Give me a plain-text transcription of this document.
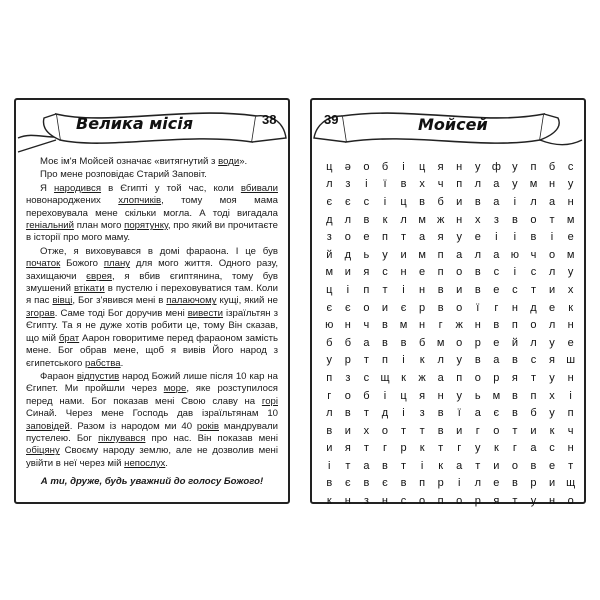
Велика місія	38

Моє ім'я Мойсей означає «витягнутий з води».

Про мене розповідає Старий Заповіт.

Я народився в Єгипті у той час, коли вбивали новонароджених хлопчиків, тому моя мама переховувала мене скільки могла. А тоді вигадала геніальний план мого порятунку, про який ви прочитаєте в історії про мого маму.

Отже, я виховувався в домі фараона. І це був початок Божого плану для мого життя. Одного разу, захищаючи єврея, я вбив єгиптянина, тому був змушений втікати в пустелю і переховуватися там. Коли я пас вівці, Бог з'явився мені в палаючому кущі, який не згорав. Саме тоді Бог доручив мені вивести ізраїльтян з Єгипту. Та я не дуже хотів робити це, тому Він сказав, що мій брат Аарон говоритиме перед фараоном замість мене. Бог обрав мене, щоб я вивів Його народ з єгипетського рабства.

Фараон відпустив народ Божий лише після 10 кар на Єгипет. Ми пройшли через море, яке розступилося перед нами. Бог показав мені Свою славу на горі Синай. Через мене Господь дав ізраїльтянам 10 заповідей. Разом із народом ми 40 років мандрували пустелею. Бог піклувався про нас. Він показав мені обіцяну Своєму народу землю, але не дозволив мені увійти в неї через мій непослух.

А ти, друже, будь уважний до голосу Божого!

39	Мойсей
ц	ә	о	б	і	ц	я	н	у	ф	у	п	б	с
л	з	і	ї	в	х	ч	п	л	а	у	м	н	у
є	є	с	і	ц	в	б	и	в	а	і	л	а	н
д	л	в	к	л	м	ж	н	х	з	в	о	т	м
з	о	е	п	т	а	я	у	е	і	і	в	і	е
й	д	ь	у	и	м	п	а	л	а	ю	ч	о	м
м	и	я	с	н	е	п	о	в	с	і	с	л	у
ц	і	п	т	і	н	в	и	в	е	с	т	и	х
є	є	о	и	є	р	в	о	ї	г	н	д	е	к
ю	н	ч	в	м	н	г	ж	н	в	п	о	л	н
б	б	а	в	в	б	м	о	р	е	й	л	у	е
у	р	т	п	і	к	л	у	в	а	в	с	я	ш
п	з	с	щ	к	ж	а	п	о	р	я	т	у	н
г	о	б	і	ц	я	н	у	ь	м	в	п	х	і
л	в	т	д	і	з	в	ї	а	є	в	б	у	п
в	и	х	о	т	т	в	и	г	о	т	и	к	ч
и	я	т	г	р	к	т	г	у	к	г	а	с	н
і	т	а	в	т	і	к	а	т	и	о	в	е	т
в	є	в	є	в	п	р	і	л	е	в	р	и	щ
к	н	з	н	с	о	п	о	р	я	т	у	н	о
